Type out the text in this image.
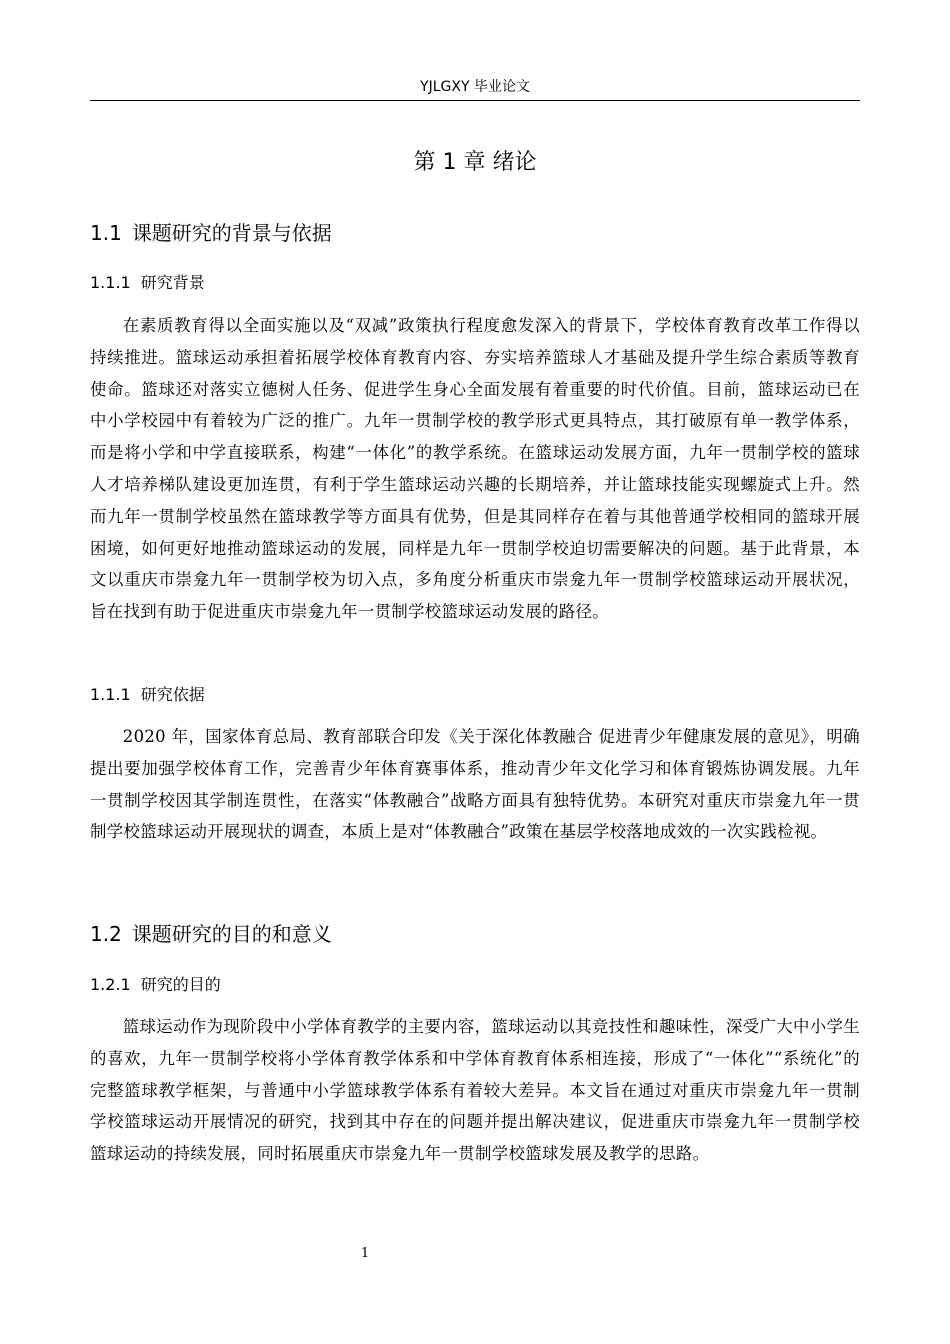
YJLGXY 毕业论文
第 1 章 绪论
1.1 课题研究的背景与依据
1.1.1 研究背景

在素质教育得以全面实施以及“双减”政策执行程度愈发深入的背景下，学校体育教育改革工作得以持续推进。篮球运动承担着拓展学校体育教育内容、夯实培养篮球人才基础及提升学生综合素质等教育使命。篮球还对落实立德树人任务、促进学生身心全面发展有着重要的时代价值。目前，篮球运动已在中小学校园中有着较为广泛的推广。九年一贯制学校的教学形式更具特点，其打破原有单一教学体系，而是将小学和中学直接联系，构建“一体化”的教学系统。在篮球运动发展方面，九年一贯制学校的篮球人才培养梯队建设更加连贯，有利于学生篮球运动兴趣的长期培养，并让篮球技能实现螺旋式上升。然而九年一贯制学校虽然在篮球教学等方面具有优势，但是其同样存在着与其他普通学校相同的篮球开展困境，如何更好地推动篮球运动的发展，同样是九年一贯制学校迫切需要解决的问题。基于此背景，本文以重庆市崇龛九年一贯制学校为切入点，多角度分析重庆市崇龛九年一贯制学校篮球运动开展状况，旨在找到有助于促进重庆市崇龛九年一贯制学校篮球运动发展的路径。

1.1.1 研究依据

2020 年，国家体育总局、教育部联合印发《关于深化体教融合 促进青少年健康发展的意见》，明确提出要加强学校体育工作，完善青少年体育赛事体系，推动青少年文化学习和体育锻炼协调发展。九年一贯制学校因其学制连贯性，在落实“体教融合”战略方面具有独特优势。本研究对重庆市崇龛九年一贯制学校篮球运动开展现状的调查，本质上是对“体教融合”政策在基层学校落地成效的一次实践检视。

1.2 课题研究的目的和意义
1.2.1 研究的目的

篮球运动作为现阶段中小学体育教学的主要内容，篮球运动以其竞技性和趣味性，深受广大中小学生的喜欢，九年一贯制学校将小学体育教学体系和中学体育教育体系相连接，形成了“一体化”“系统化”的完整篮球教学框架，与普通中小学篮球教学体系有着较大差异。本文旨在通过对重庆市崇龛九年一贯制学校篮球运动开展情况的研究，找到其中存在的问题并提出解决建议，促进重庆市崇龛九年一贯制学校篮球运动的持续发展，同时拓展重庆市崇龛九年一贯制学校篮球发展及教学的思路。

1
